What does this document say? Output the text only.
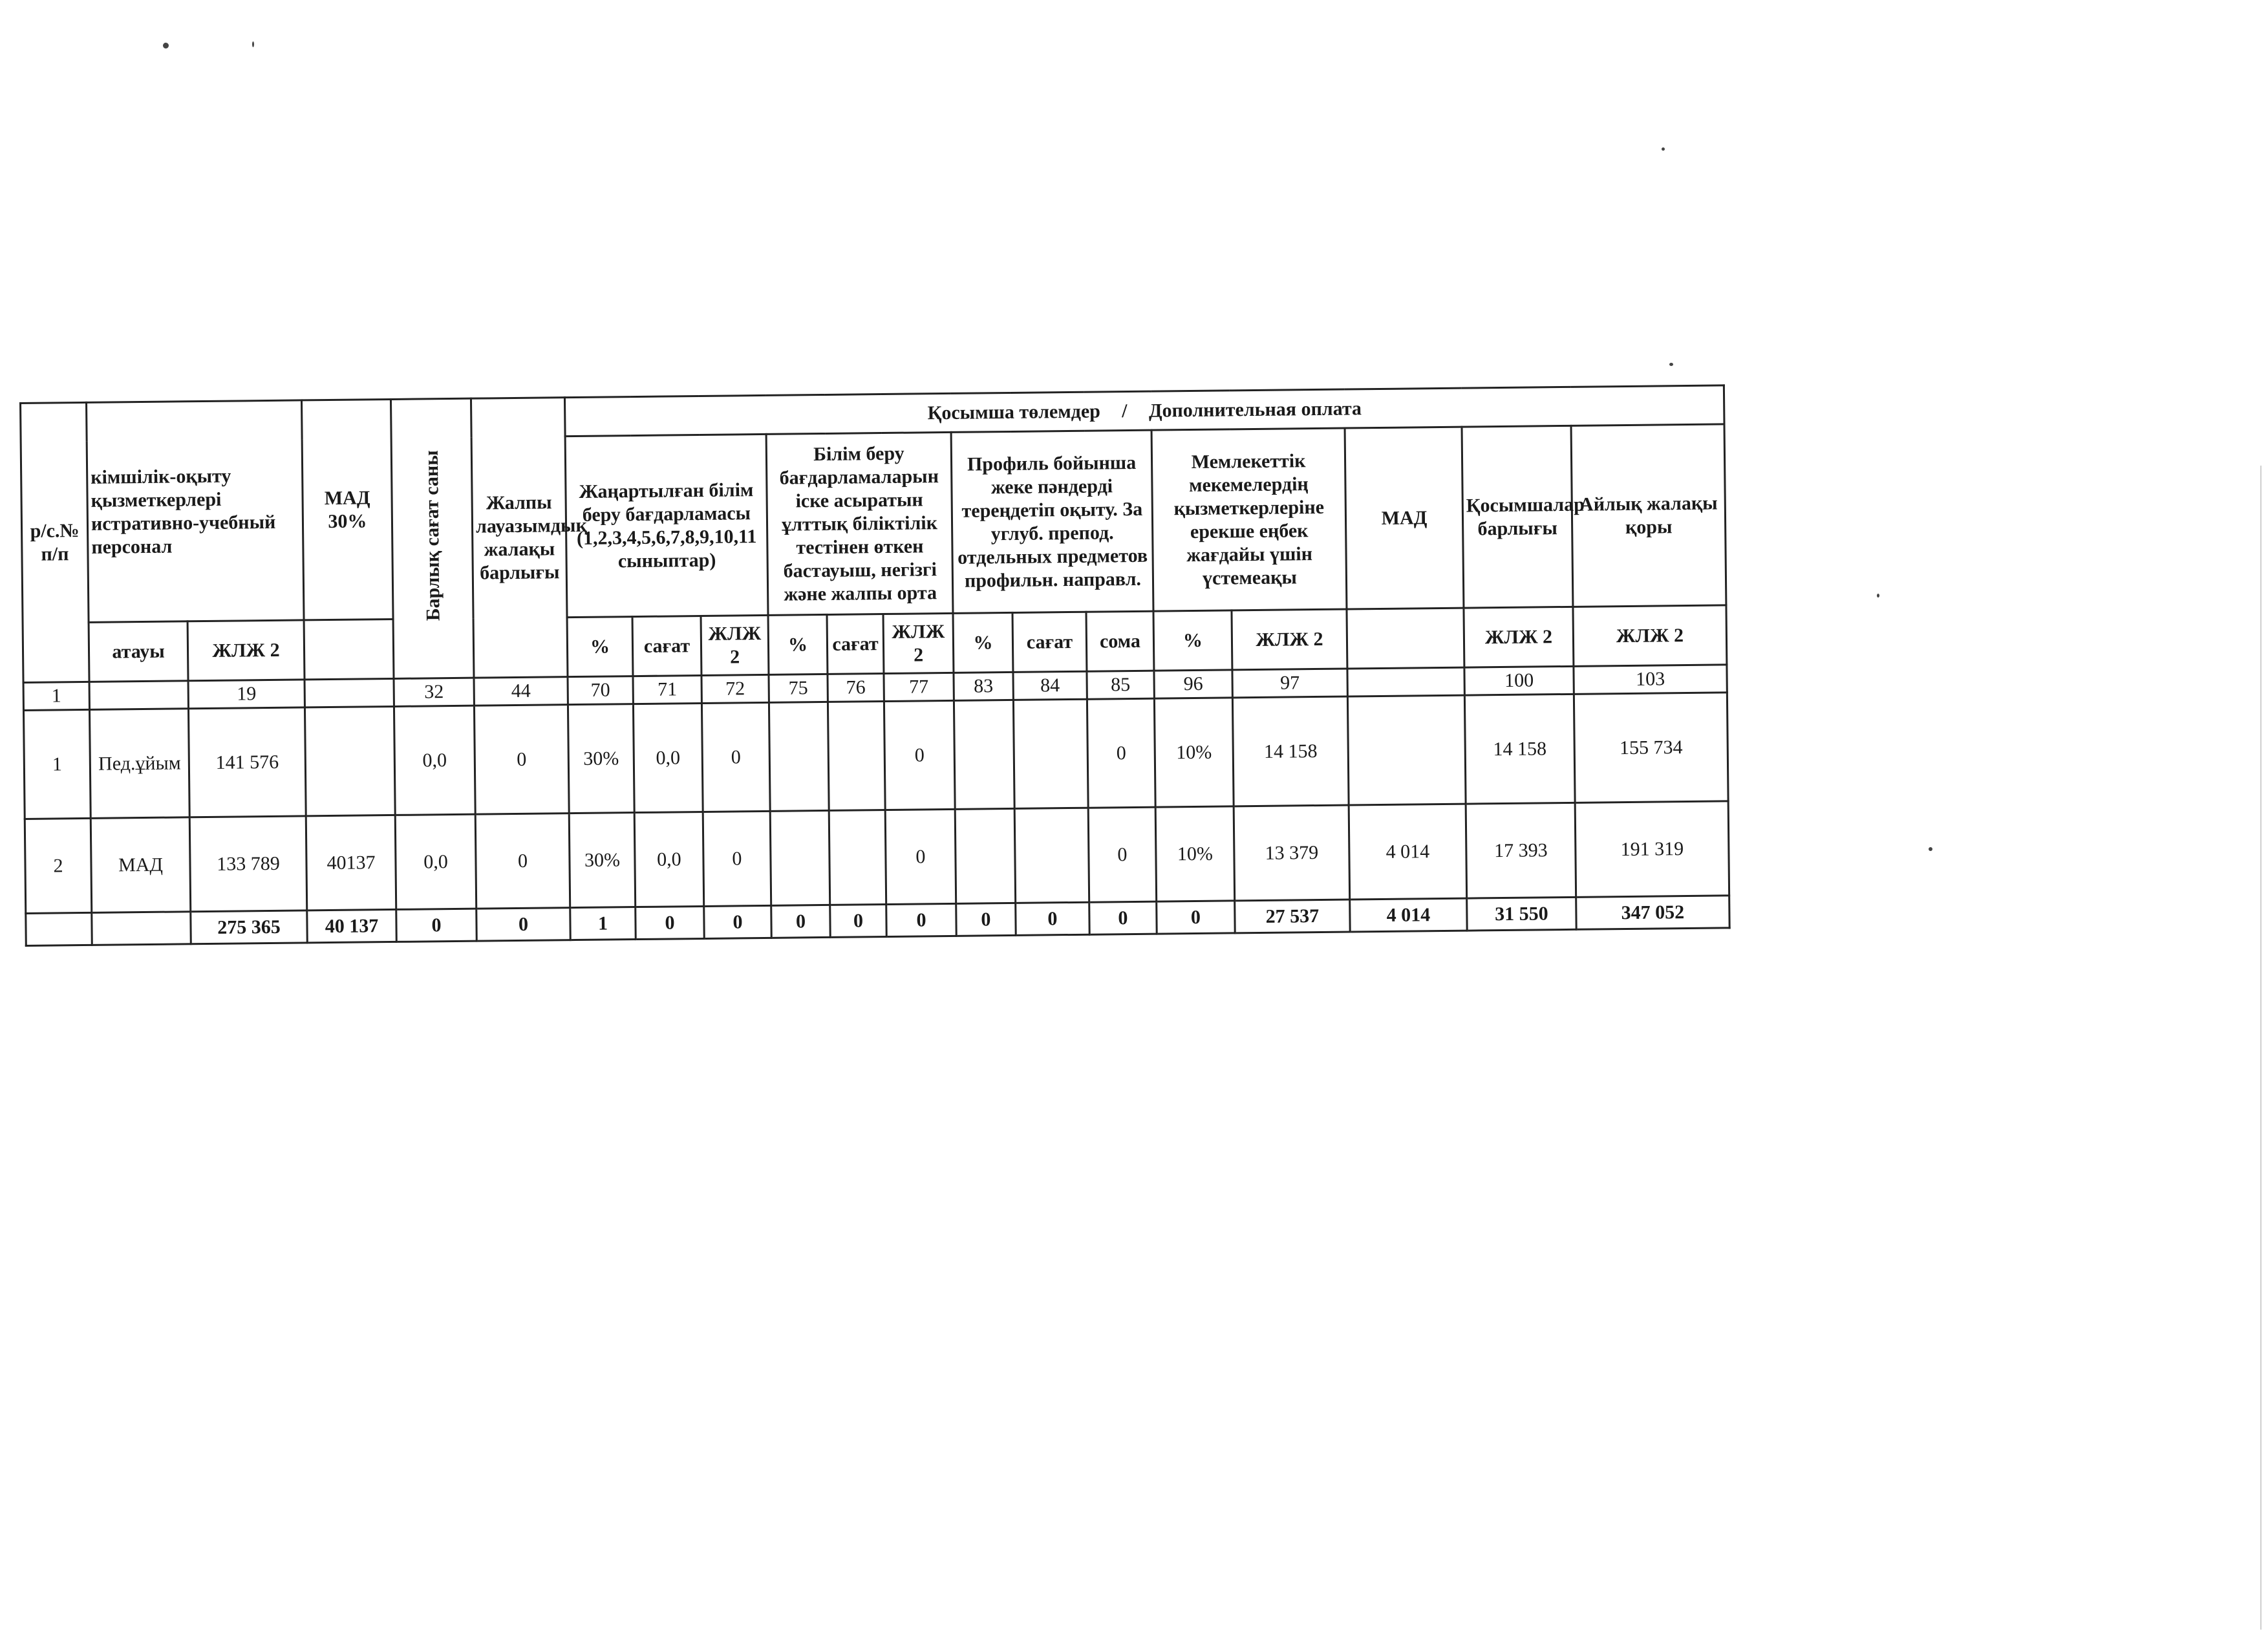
р/с.№ п/п	кімшілік-оқыту қызметкерлері истративно-учебный персонал		МАД 30%	Барлық сағат саны	Жалпы лауазымдық жалақы барлығы	Қосымша төлемдер / Дополнительная оплата													
						Жаңартылған білім беру бағдарламасы (1,2,3,4,5,6,7,8,9,10,11 сыныптар)			Білім беру бағдарламаларын іске асыратын ұлттық біліктілік тестінен өткен бастауыш, негізгі және жалпы орта			Профиль бойынша жеке пәндерді тереңдетіп оқыту. За углуб. препод. отдельных предметов профильн. направл.			Мемлекеттік мекемелердің қызметкерлеріне ерекше еңбек жағдайы үшін үстемеақы		МАД	Қосымшалар барлығы	Айлық жалақы қоры
	атауы	ЖЛЖ 2				%	сағат	ЖЛЖ 2	%	сағат	ЖЛЖ 2	%	сағат	сома	%	ЖЛЖ 2		ЖЛЖ 2	ЖЛЖ 2
1		19		32	44	70	71	72	75	76	77	83	84	85	96	97		100	103
1	Пед.ұйым	141 576		0,0	0	30%	0,0	0			0			0	10%	14 158		14 158	155 734
2	МАД	133 789	40137	0,0	0	30%	0,0	0			0			0	10%	13 379	4 014	17 393	191 319
		275 365	40 137	0	0	1	0	0	0	0	0	0	0	0	0	27 537	4 014	31 550	347 052
